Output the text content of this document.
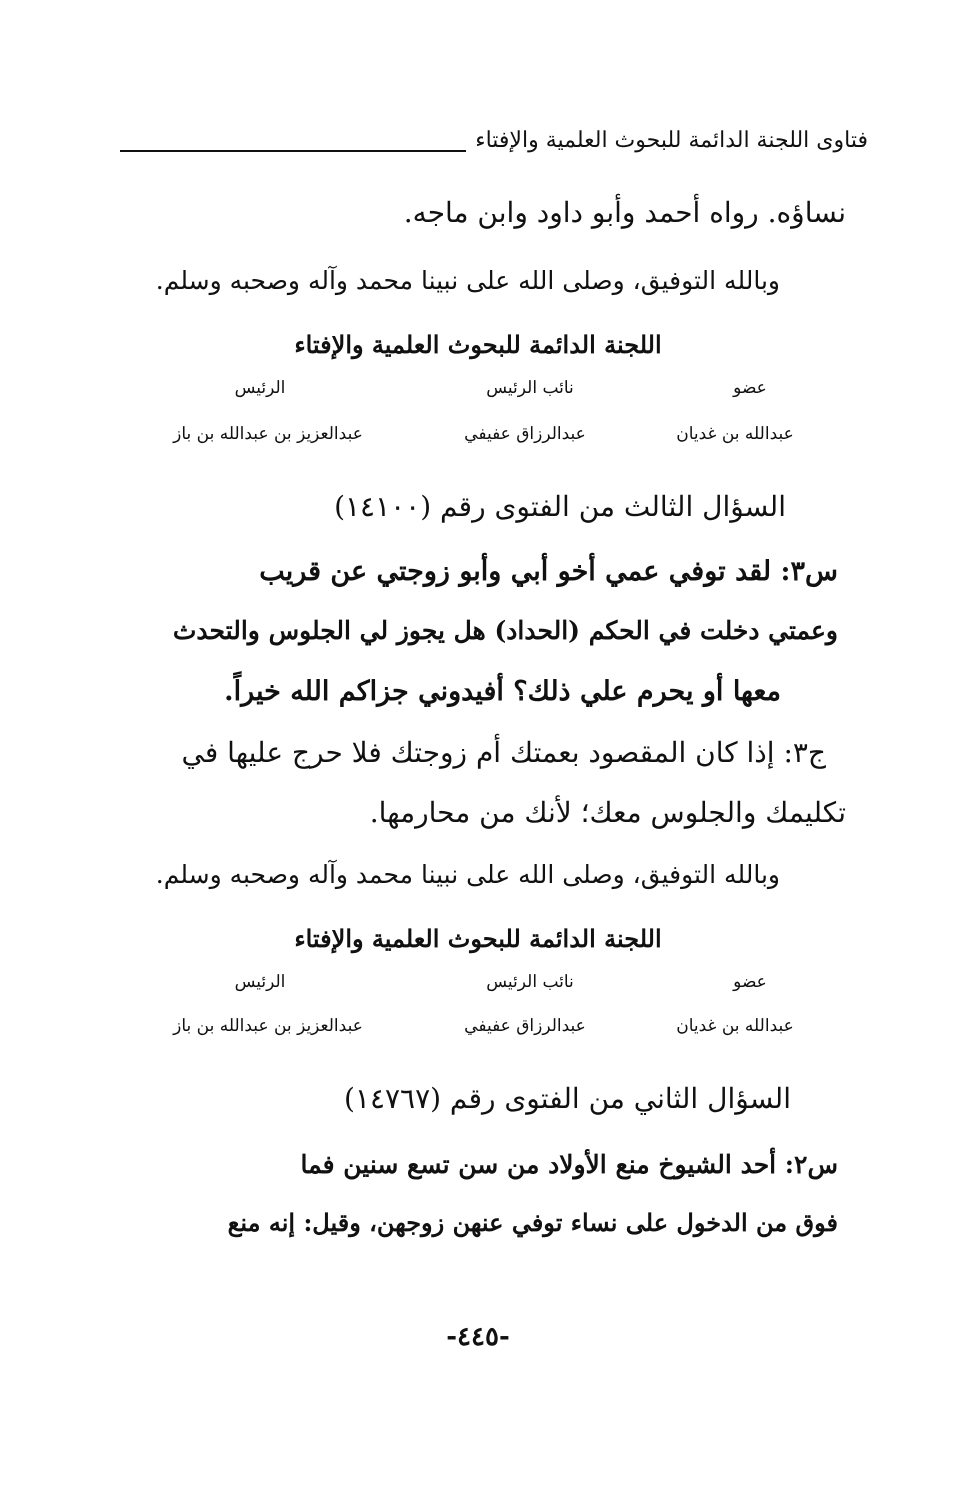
فتاوى اللجنة الدائمة للبحوث العلمية والإفتاء
نساؤه. رواه أحمد وأبو داود وابن ماجه.
وبالله التوفيق، وصلى الله على نبينا محمد وآله وصحبه وسلم.
اللجنة الدائمة للبحوث العلمية والإفتاء
عضو
نائب الرئيس
الرئيس
عبدالله بن غديان
عبدالرزاق عفيفي
عبدالعزيز بن عبدالله بن باز
السؤال الثالث من الفتوى رقم (١٤١٠٠)
س٣: لقد توفي عمي أخو أبي وأبو زوجتي عن قريب
وعمتي دخلت في الحكم (الحداد) هل يجوز لي الجلوس والتحدث
معها أو يحرم علي ذلك؟ أفيدوني جزاكم الله خيراً.
ج٣: إذا كان المقصود بعمتك أم زوجتك فلا حرج عليها في
تكليمك والجلوس معك؛ لأنك من محارمها.
وبالله التوفيق، وصلى الله على نبينا محمد وآله وصحبه وسلم.
اللجنة الدائمة للبحوث العلمية والإفتاء
عضو
نائب الرئيس
الرئيس
عبدالله بن غديان
عبدالرزاق عفيفي
عبدالعزيز بن عبدالله بن باز
السؤال الثاني من الفتوى رقم (١٤٧٦٧)
س٢: أحد الشيوخ منع الأولاد من سن تسع سنين فما
فوق من الدخول على نساء توفي عنهن زوجهن، وقيل: إنه منع
-٤٤٥-
